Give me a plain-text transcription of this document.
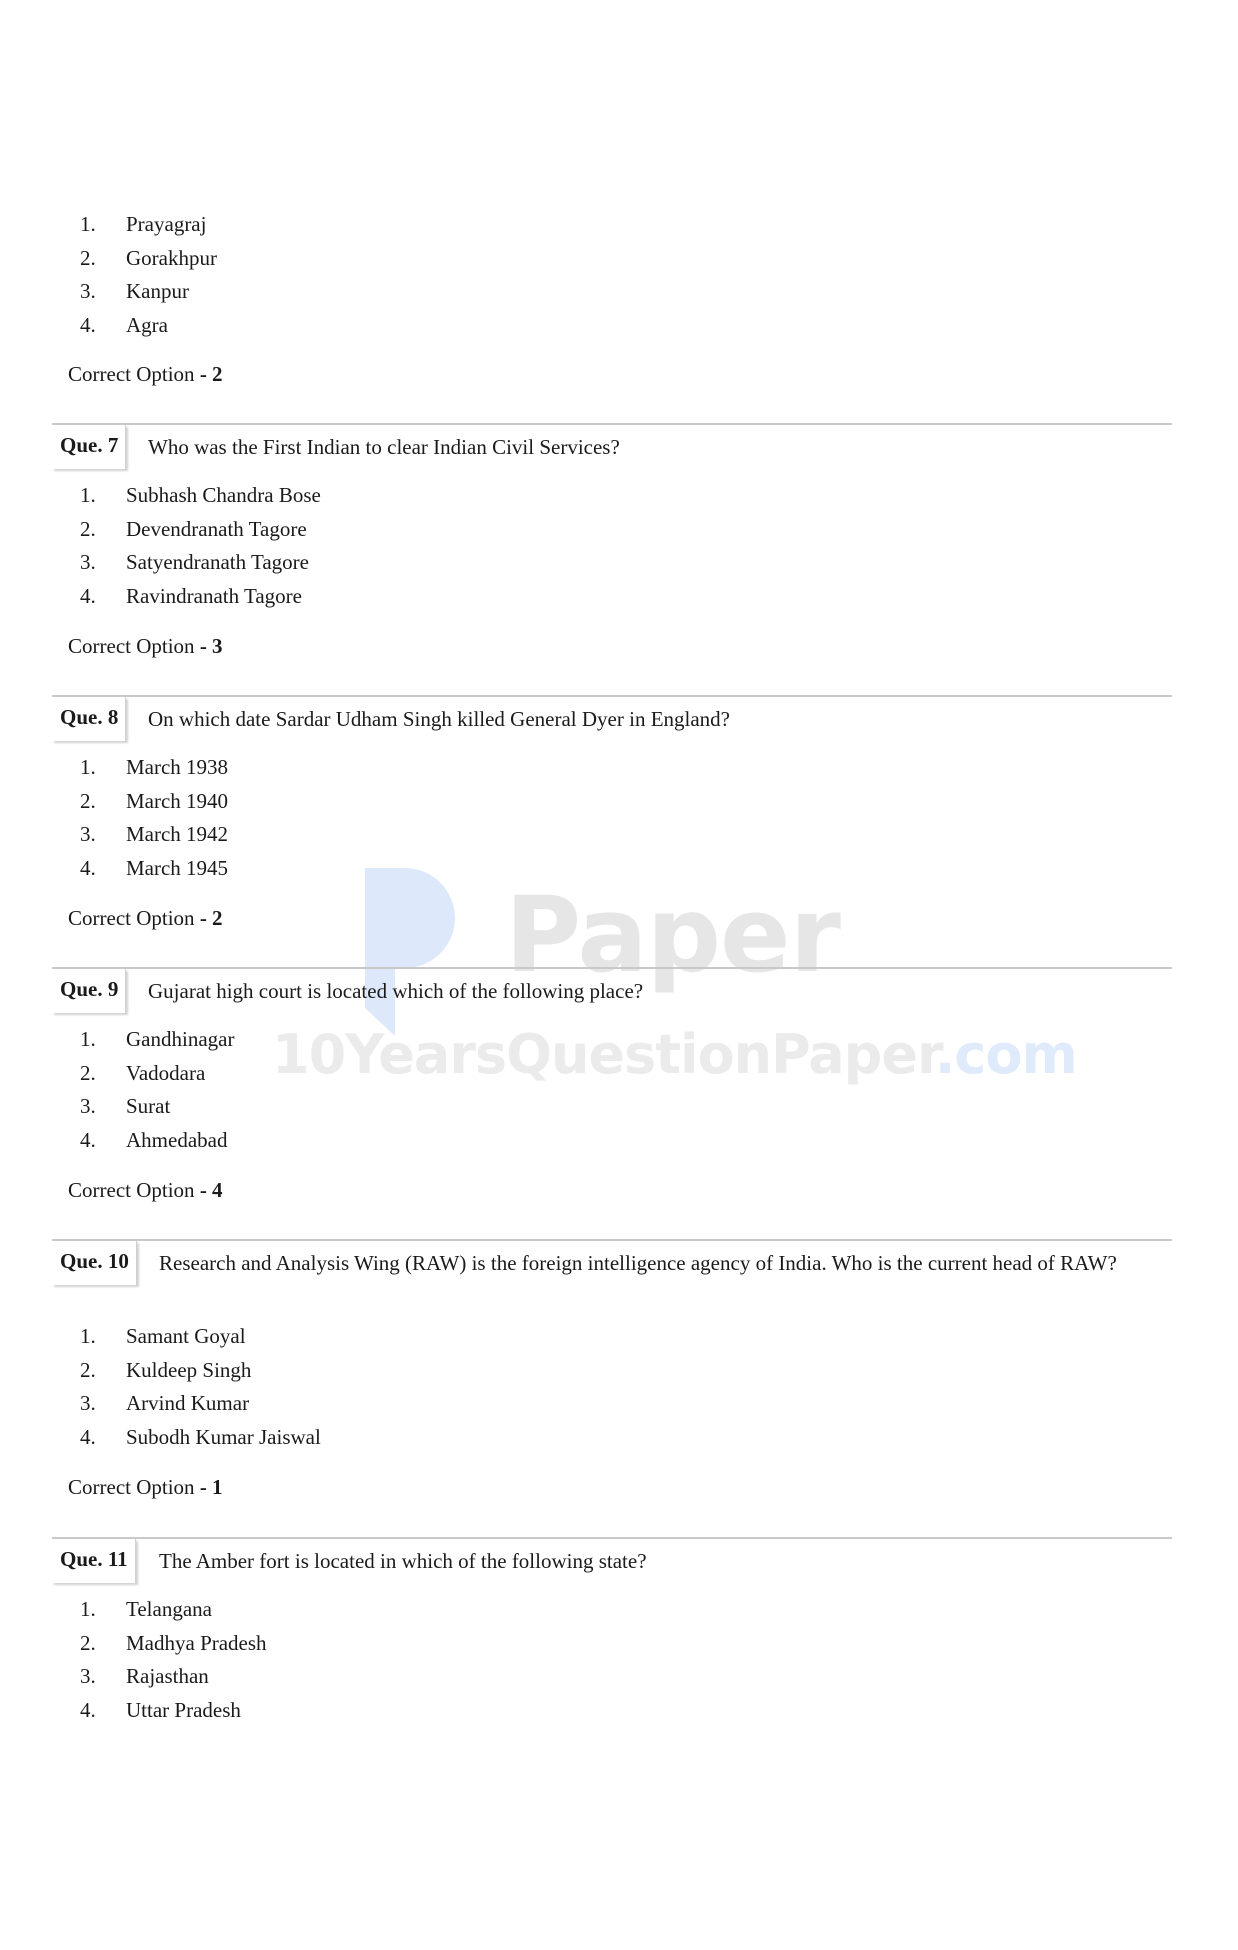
Paper
10YearsQuestionPaper.com
1. Prayagraj
2. Gorakhpur
3. Kanpur
4. Agra
Correct Option - 2
Que. 7	Who was the First Indian to clear Indian Civil Services?
1. Subhash Chandra Bose
2. Devendranath Tagore
3. Satyendranath Tagore
4. Ravindranath Tagore
Correct Option - 3
Que. 8	On which date Sardar Udham Singh killed General Dyer in England?
1. March 1938
2. March 1940
3. March 1942
4. March 1945
Correct Option - 2
Que. 9	Gujarat high court is located which of the following place?
1. Gandhinagar
2. Vadodara
3. Surat
4. Ahmedabad
Correct Option - 4
Que. 10	Research and Analysis Wing (RAW) is the foreign intelligence agency of India. Who is the current head of RAW?
1. Samant Goyal
2. Kuldeep Singh
3. Arvind Kumar
4. Subodh Kumar Jaiswal
Correct Option - 1
Que. 11	The Amber fort is located in which of the following state?
1. Telangana
2. Madhya Pradesh
3. Rajasthan
4. Uttar Pradesh
